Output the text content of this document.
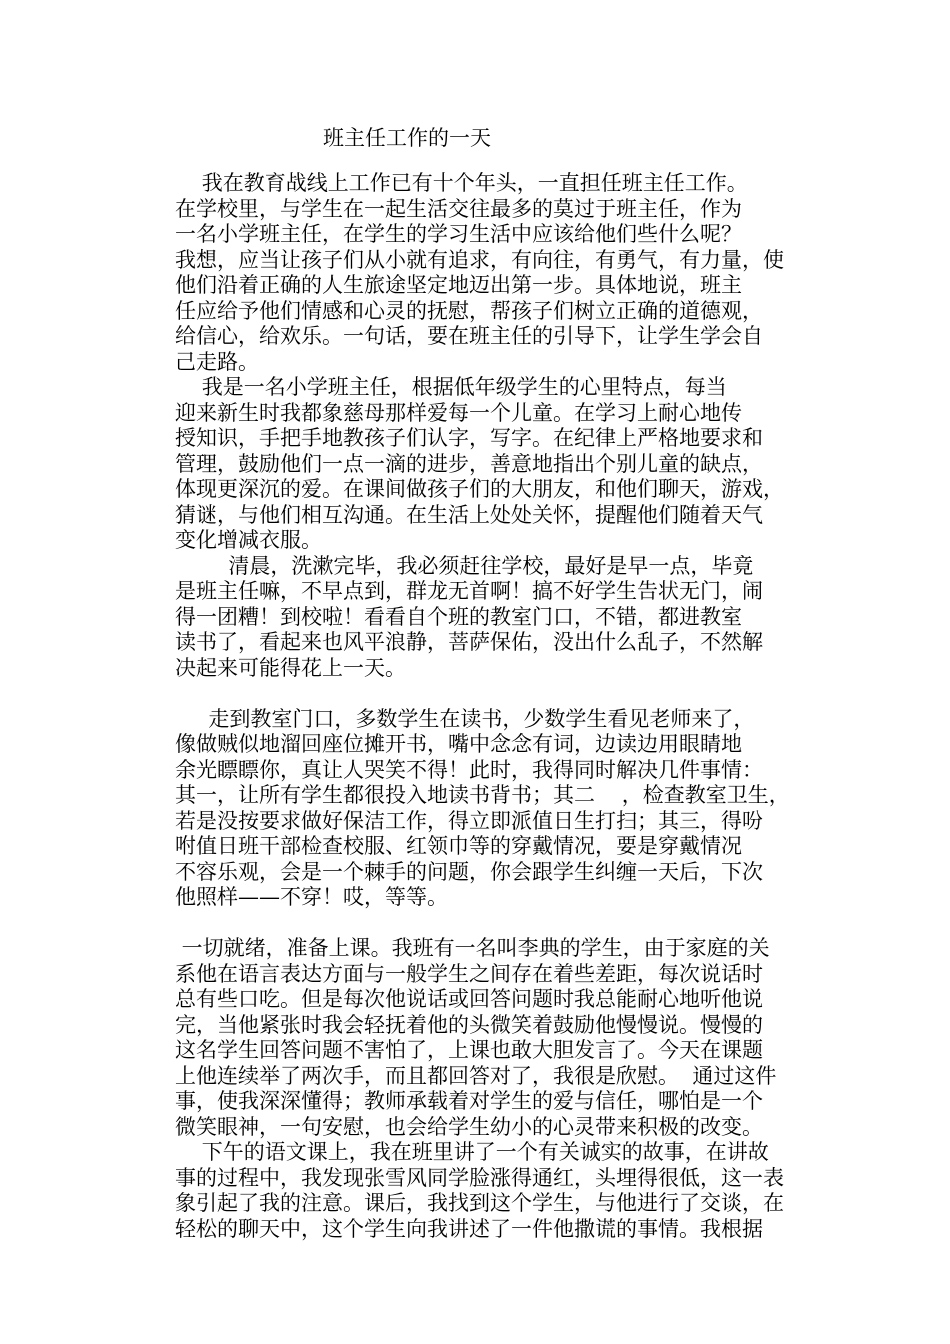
班主任工作的一天
我在教育战线上工作已有十个年头，一直担任班主任工作。
在学校里，与学生在一起生活交往最多的莫过于班主任，作为
一名小学班主任，在学生的学习生活中应该给他们些什么呢？
我想，应当让孩子们从小就有追求，有向往，有勇气，有力量，使
他们沿着正确的人生旅途坚定地迈出第一步。具体地说，班主
任应给予他们情感和心灵的抚慰，帮孩子们树立正确的道德观，
给信心，给欢乐。一句话，要在班主任的引导下，让学生学会自
己走路。
我是一名小学班主任，根据低年级学生的心里特点，每当
迎来新生时我都象慈母那样爱每一个儿童。在学习上耐心地传
授知识，手把手地教孩子们认字，写字。在纪律上严格地要求和
管理，鼓励他们一点一滴的进步，善意地指出个别儿童的缺点，
体现更深沉的爱。在课间做孩子们的大朋友，和他们聊天，游戏，
猜谜，与他们相互沟通。在生活上处处关怀，提醒他们随着天气
变化增减衣服。
清晨，洗漱完毕，我必须赶往学校，最好是早一点，毕竟
是班主任嘛，不早点到，群龙无首啊！搞不好学生告状无门，闹
得一团糟！到校啦！看看自个班的教室门口，不错，都进教室
读书了，看起来也风平浪静，菩萨保佑，没出什么乱子，不然解
决起来可能得花上一天。
走到教室门口，多数学生在读书，少数学生看见老师来了，
像做贼似地溜回座位摊开书，嘴中念念有词，边读边用眼睛地
余光瞟瞟你，真让人哭笑不得！此时，我得同时解决几件事情：
其一，让所有学生都很投入地读书背书；其二    ，检查教室卫生，
若是没按要求做好保洁工作，得立即派值日生打扫；其三，得吩
咐值日班干部检查校服、红领巾等的穿戴情况，要是穿戴情况
不容乐观，会是一个棘手的问题，你会跟学生纠缠一天后，下次
他照样——不穿！哎，等等。
一切就绪，准备上课。我班有一名叫李典的学生，由于家庭的关
系他在语言表达方面与一般学生之间存在着些差距，每次说话时
总有些口吃。但是每次他说话或回答问题时我总能耐心地听他说
完，当他紧张时我会轻抚着他的头微笑着鼓励他慢慢说。慢慢的
这名学生回答问题不害怕了，上课也敢大胆发言了。今天在课题
上他连续举了两次手，而且都回答对了，我很是欣慰。  通过这件
事，使我深深懂得；教师承载着对学生的爱与信任，哪怕是一个
微笑眼神，一句安慰，也会给学生幼小的心灵带来积极的改变。
下午的语文课上，我在班里讲了一个有关诚实的故事，在讲故
事的过程中，我发现张雪风同学脸涨得通红，头埋得很低，这一表
象引起了我的注意。课后，我找到这个学生，与他进行了交谈，在
轻松的聊天中，这个学生向我讲述了一件他撒谎的事情。我根据
